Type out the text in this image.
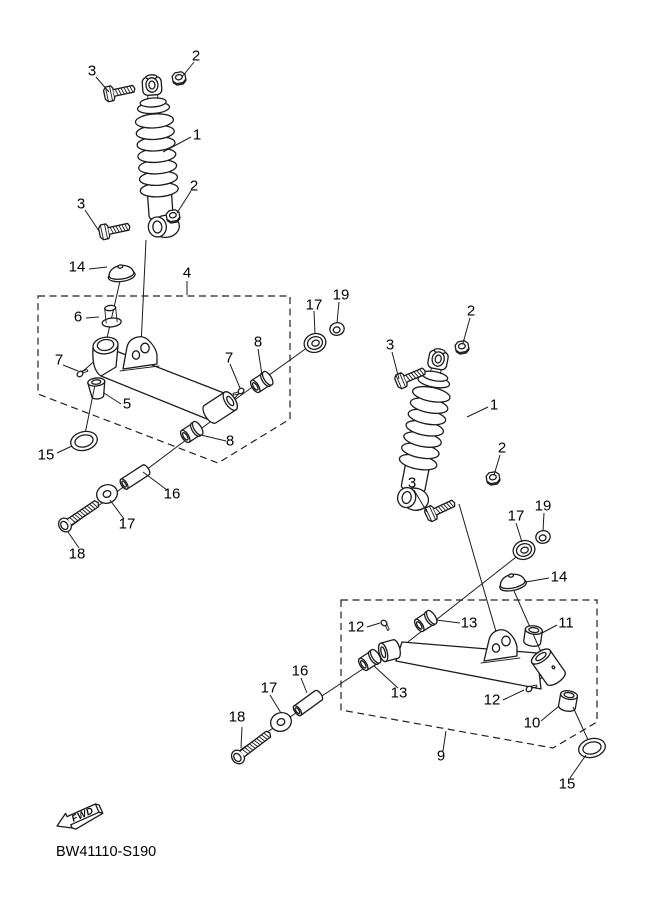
3
2
1
3
2
14	4
6
7
17
19
8
7
5
8
15
16
17
18
2
3
1
2
3
17
19
14
11
12	13
13	12
10
9
15
16
17
18
FWD
BW41110-S190
